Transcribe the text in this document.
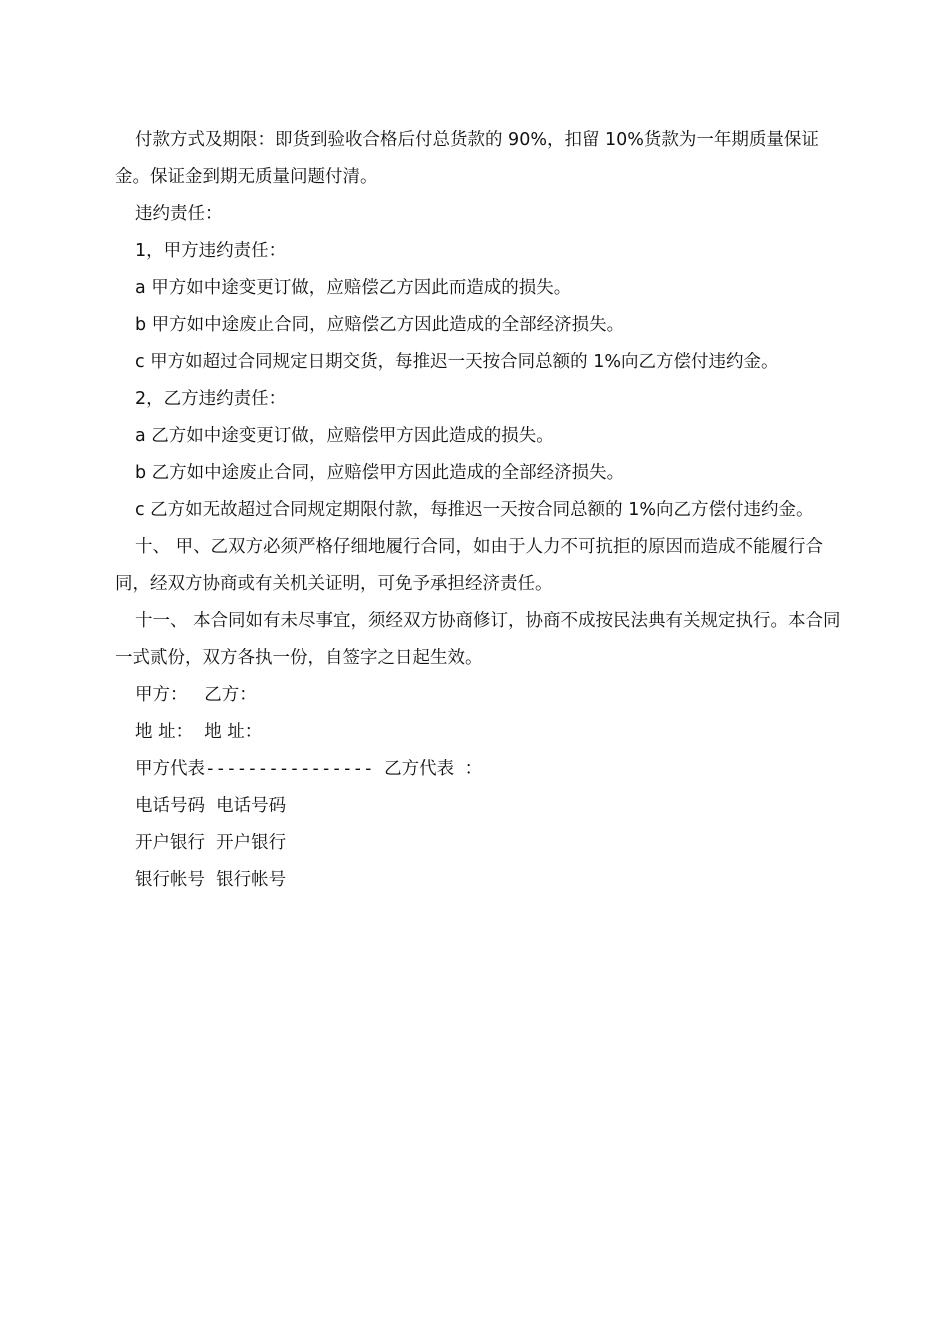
付款方式及期限：即货到验收合格后付总货款的 90%，扣留 10%货款为一年期质量保证金。保证金到期无质量问题付清。

违约责任：

1，甲方违约责任：

a 甲方如中途变更订做，应赔偿乙方因此而造成的损失。

b 甲方如中途废止合同，应赔偿乙方因此造成的全部经济损失。

c 甲方如超过合同规定日期交货，每推迟一天按合同总额的 1%向乙方偿付违约金。

2，乙方违约责任：

a 乙方如中途变更订做，应赔偿甲方因此造成的损失。

b 乙方如中途废止合同，应赔偿甲方因此造成的全部经济损失。

c 乙方如无故超过合同规定期限付款，每推迟一天按合同总额的 1%向乙方偿付违约金。

十、 甲、乙双方必须严格仔细地履行合同，如由于人力不可抗拒的原因而造成不能履行合同，经双方协商或有关机关证明，可免予承担经济责任。

十一、 本合同如有未尽事宜，须经双方协商修订，协商不成按民法典有关规定执行。本合同一式贰份，双方各执一份，自签字之日起生效。

甲方：   乙方：
地 址：  地 址：
甲方代表---------------- 乙方代表 ：
电话号码  电话号码
开户银行  开户银行
银行帐号  银行帐号
